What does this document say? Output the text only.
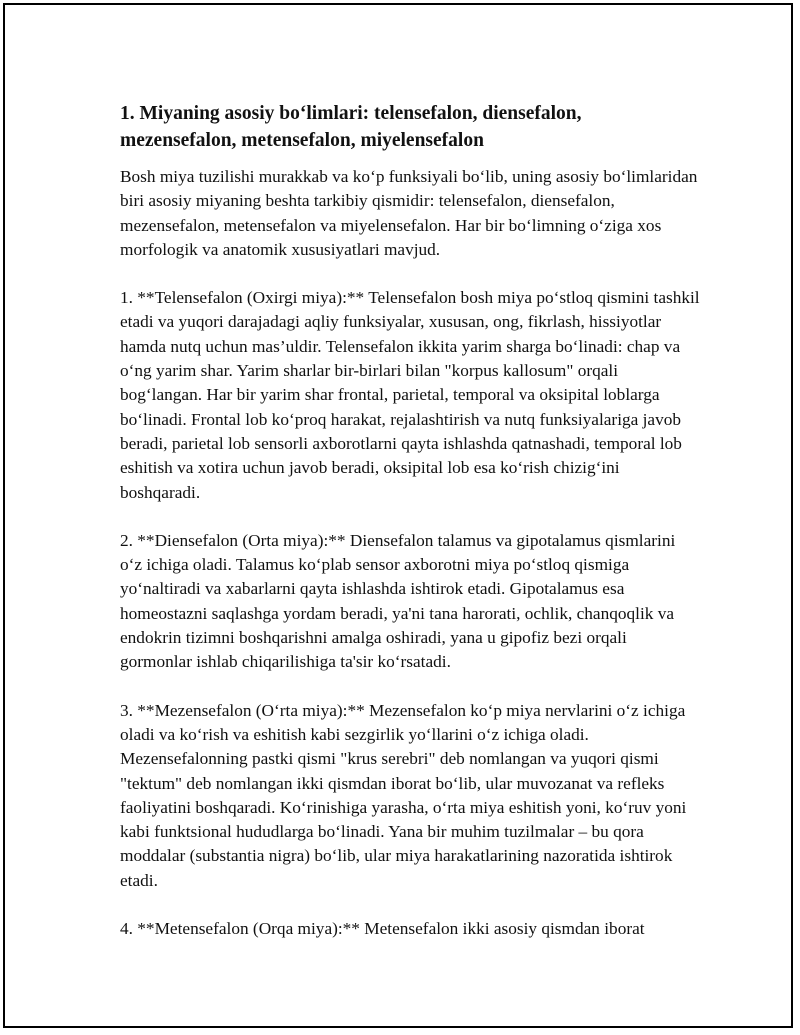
1. Miyaning asosiy bo‘limlari: telensefalon, diensefalon, mezensefalon, metensefalon, miyelensefalon

Bosh miya tuzilishi murakkab va ko‘p funksiyali bo‘lib, uning asosiy bo‘limlaridan biri asosiy miyaning beshta tarkibiy qismidir: telensefalon, diensefalon, mezensefalon, metensefalon va miyelensefalon. Har bir bo‘limning o‘ziga xos morfologik va anatomik xususiyatlari mavjud.

1. **Telensefalon (Oxirgi miya):** Telensefalon bosh miya po‘stloq qismini tashkil etadi va yuqori darajadagi aqliy funksiyalar, xususan, ong, fikrlash, hissiyotlar hamda nutq uchun mas’uldir. Telensefalon ikkita yarim sharga bo‘linadi: chap va o‘ng yarim shar. Yarim sharlar bir-birlari bilan "korpus kallosum" orqali bog‘langan. Har bir yarim shar frontal, parietal, temporal va oksipital loblarga bo‘linadi. Frontal lob ko‘proq harakat, rejalashtirish va nutq funksiyalariga javob beradi, parietal lob sensorli axborotlarni qayta ishlashda qatnashadi, temporal lob eshitish va xotira uchun javob beradi, oksipital lob esa ko‘rish chizig‘ini boshqaradi.

2. **Diensefalon (Orta miya):** Diensefalon talamus va gipotalamus qismlarini o‘z ichiga oladi. Talamus ko‘plab sensor axborotni miya po‘stloq qismiga yo‘naltiradi va xabarlarni qayta ishlashda ishtirok etadi. Gipotalamus esa homeostazni saqlashga yordam beradi, ya'ni tana harorati, ochlik, chanqoqlik va endokrin tizimni boshqarishni amalga oshiradi, yana u gipofiz bezi orqali gormonlar ishlab chiqarilishiga ta'sir ko‘rsatadi.

3. **Mezensefalon (O‘rta miya):** Mezensefalon ko‘p miya nervlarini o‘z ichiga oladi va ko‘rish va eshitish kabi sezgirlik yo‘llarini o‘z ichiga oladi. Mezensefalonning pastki qismi "krus serebri" deb nomlangan va yuqori qismi "tektum" deb nomlangan ikki qismdan iborat bo‘lib, ular muvozanat va refleks faoliyatini boshqaradi. Ko‘rinishiga yarasha, o‘rta miya eshitish yoni, ko‘ruv yoni kabi funktsional hududlarga bo‘linadi. Yana bir muhim tuzilmalar – bu qora moddalar (substantia nigra) bo‘lib, ular miya harakatlarining nazoratida ishtirok etadi.

4. **Metensefalon (Orqa miya):** Metensefalon ikki asosiy qismdan iborat
